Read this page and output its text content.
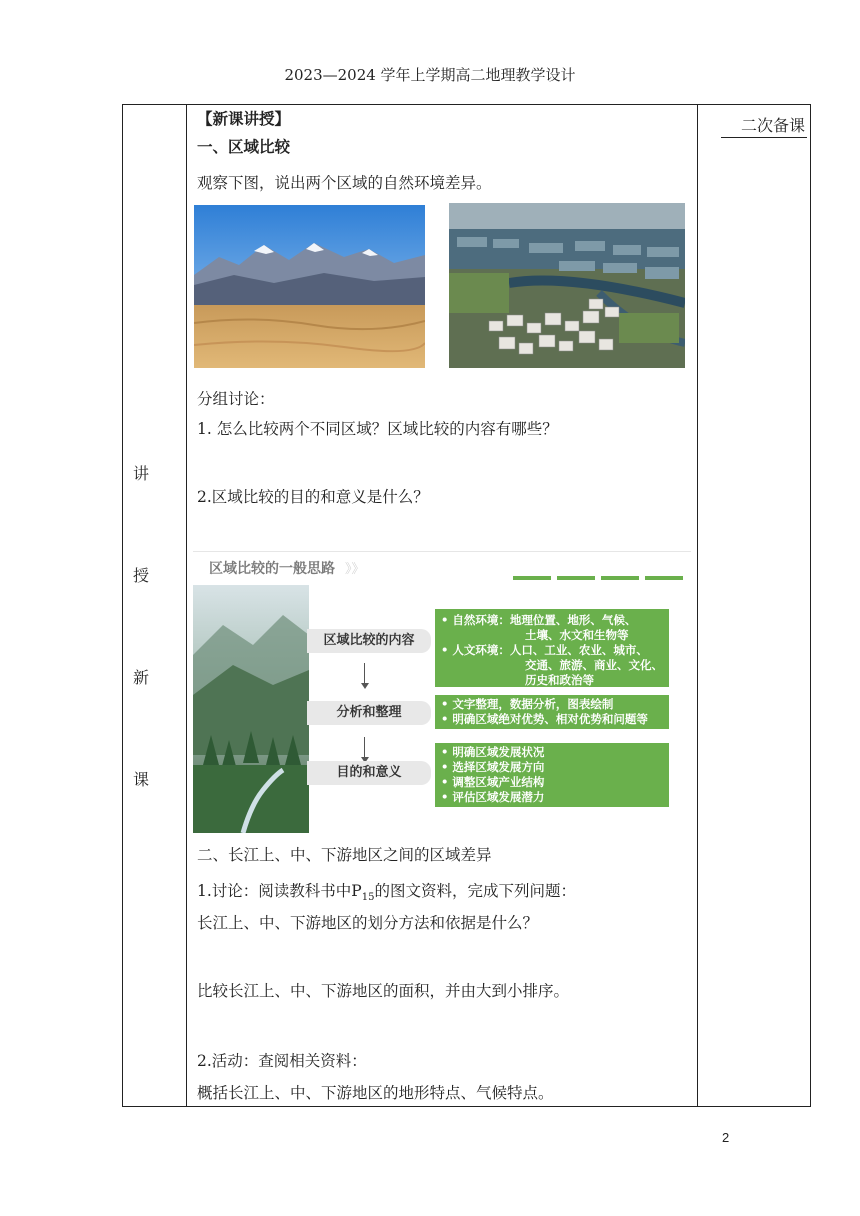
2023—2024 学年上学期高二地理教学设计
讲
授
新
课
二次备课
【新课讲授】
一、区域比较
观察下图，说出两个区域的自然环境差异。
分组讨论：
1. 怎么比较两个不同区域？区域比较的内容有哪些？
2.区域比较的目的和意义是什么？
二、长江上、中、下游地区之间的区域差异
1.讨论：阅读教科书中$P_{15}$的图文资料，完成下列问题：
长江上、中、下游地区的划分方法和依据是什么？
比较长江上、中、下游地区的面积，并由大到小排序。
2.活动：查阅相关资料：
概括长江上、中、下游地区的地形特点、气候特点。
区域比较的一般思路 》》
区域比较的内容
分析和整理
目的和意义
• 自然环境：地理位置、地形、气候、
土壤、水文和生物等
• 人文环境：人口、工业、农业、城市、
交通、旅游、商业、文化、
历史和政治等
• 文字整理，数据分析，图表绘制
• 明确区域绝对优势、相对优势和问题等
• 明确区域发展状况
• 选择区域发展方向
• 调整区域产业结构
• 评估区域发展潜力
2
